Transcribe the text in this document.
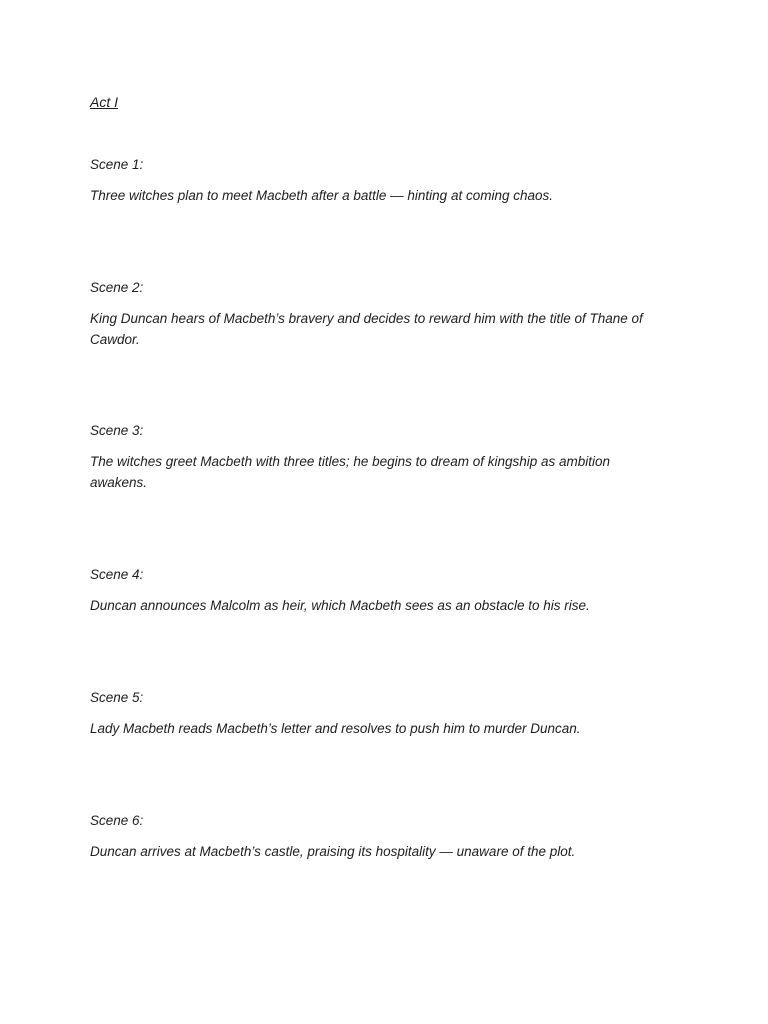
Act I
Scene 1:

Three witches plan to meet Macbeth after a battle — hinting at coming chaos.

Scene 2:

King Duncan hears of Macbeth’s bravery and decides to reward him with the title of Thane of Cawdor.

Scene 3:

The witches greet Macbeth with three titles; he begins to dream of kingship as ambition awakens.

Scene 4:

Duncan announces Malcolm as heir, which Macbeth sees as an obstacle to his rise.

Scene 5:

Lady Macbeth reads Macbeth’s letter and resolves to push him to murder Duncan.

Scene 6:

Duncan arrives at Macbeth’s castle, praising its hospitality — unaware of the plot.
